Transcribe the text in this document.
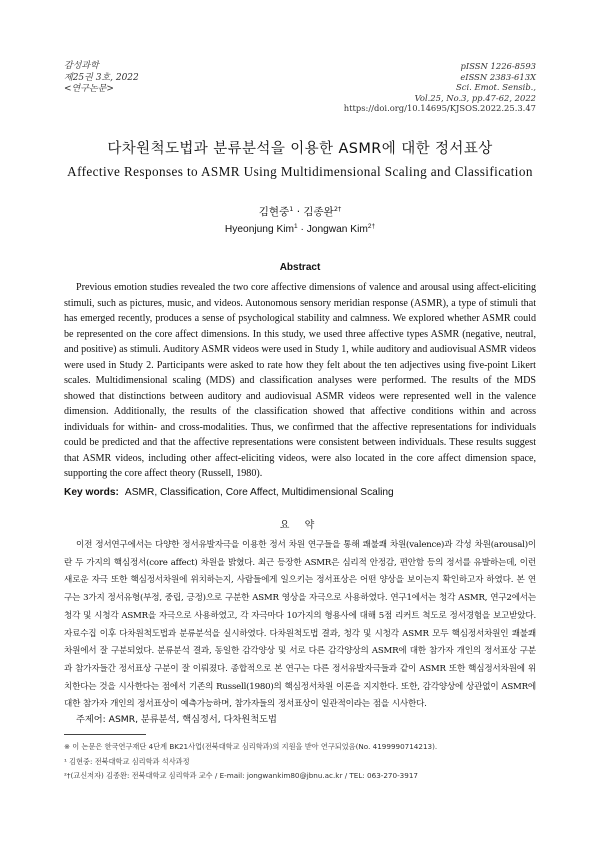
감성과학
제25권 3호, 2022
<연구논문>
pISSN 1226-8593
eISSN 2383-613X
Sci. Emot. Sensib.,
Vol.25, No.3, pp.47-62, 2022
https://doi.org/10.14695/KJSOS.2022.25.3.47
다차원척도법과 분류분석을 이용한 ASMR에 대한 정서표상
Affective Responses to ASMR Using Multidimensional Scaling and Classification
김현중$^1$ · 김종완$^{2\dagger}$
Hyeonjung Kim$^1$ · Jongwan Kim$^{2\dagger}$
Abstract

Previous emotion studies revealed the two core affective dimensions of valence and arousal using affect-eliciting stimuli, such as pictures, music, and videos. Autonomous sensory meridian response (ASMR), a type of stimuli that has emerged recently, produces a sense of psychological stability and calmness. We explored whether ASMR could be represented on the core affect dimensions. In this study, we used three affective types ASMR (negative, neutral, and positive) as stimuli. Auditory ASMR videos were used in Study 1, while auditory and audiovisual ASMR videos were used in Study 2. Participants were asked to rate how they felt about the ten adjectives using five-point Likert scales. Multidimensional scaling (MDS) and classification analyses were performed. The results of the MDS showed that distinctions between auditory and audiovisual ASMR videos were represented well in the valence dimension. Additionally, the results of the classification showed that affective conditions within and across individuals for within- and cross-modalities. Thus, we confirmed that the affective representations for individuals could be predicted and that the affective representations were consistent between individuals. These results suggest that ASMR videos, including other affect-eliciting videos, were also located in the core affect dimension space, supporting the core affect theory (Russell, 1980).

Key words: ASMR, Classification, Core Affect, Multidimensional Scaling
요 약

이전 정서연구에서는 다양한 정서유발자극을 이용한 정서 차원 연구들을 통해 쾌불쾌 차원(valence)과 각성 차원(arousal)이란 두 가지의 핵심정서(core affect) 차원을 밝혔다. 최근 등장한 ASMR은 심리적 안정감, 편안함 등의 정서를 유발하는데, 이런 새로운 자극 또한 핵심정서차원에 위치하는지, 사람들에게 일으키는 정서표상은 어떤 양상을 보이는지 확인하고자 하였다. 본 연구는 3가지 정서유형(부정, 중립, 긍정)으로 구분한 ASMR 영상을 자극으로 사용하였다. 연구1에서는 청각 ASMR, 연구2에서는 청각 및 시청각 ASMR을 자극으로 사용하였고, 각 자극마다 10가지의 형용사에 대해 5점 리커트 척도로 정서경험을 보고받았다. 자료수집 이후 다차원척도법과 분류분석을 실시하였다. 다차원척도법 결과, 청각 및 시청각 ASMR 모두 핵심정서차원인 쾌불쾌 차원에서 잘 구분되었다. 분류분석 결과, 동일한 감각양상 및 서로 다른 감각양상의 ASMR에 대한 참가자 개인의 정서표상 구분과 참가자들간 정서표상 구분이 잘 이뤄졌다. 종합적으로 본 연구는 다른 정서유발자극들과 같이 ASMR 또한 핵심정서차원에 위치한다는 것을 시사한다는 점에서 기존의 Russell(1980)의 핵심정서차원 이론을 지지한다. 또한, 감각양상에 상관없이 ASMR에 대한 참가자 개인의 정서표상이 예측가능하며, 참가자들의 정서표상이 일관적이라는 점을 시사한다.

주제어: ASMR, 분류분석, 핵심정서, 다차원척도법
※ 이 논문은 한국연구재단 4단계 BK21사업(전북대학교 심리학과)의 지원을 받아 연구되었음(No. 4199990714213).
¹ 김현중: 전북대학교 심리학과 석사과정
²†(교신저자) 김종완: 전북대학교 심리학과 교수 / E-mail: jongwankim80@jbnu.ac.kr / TEL: 063-270-3917
